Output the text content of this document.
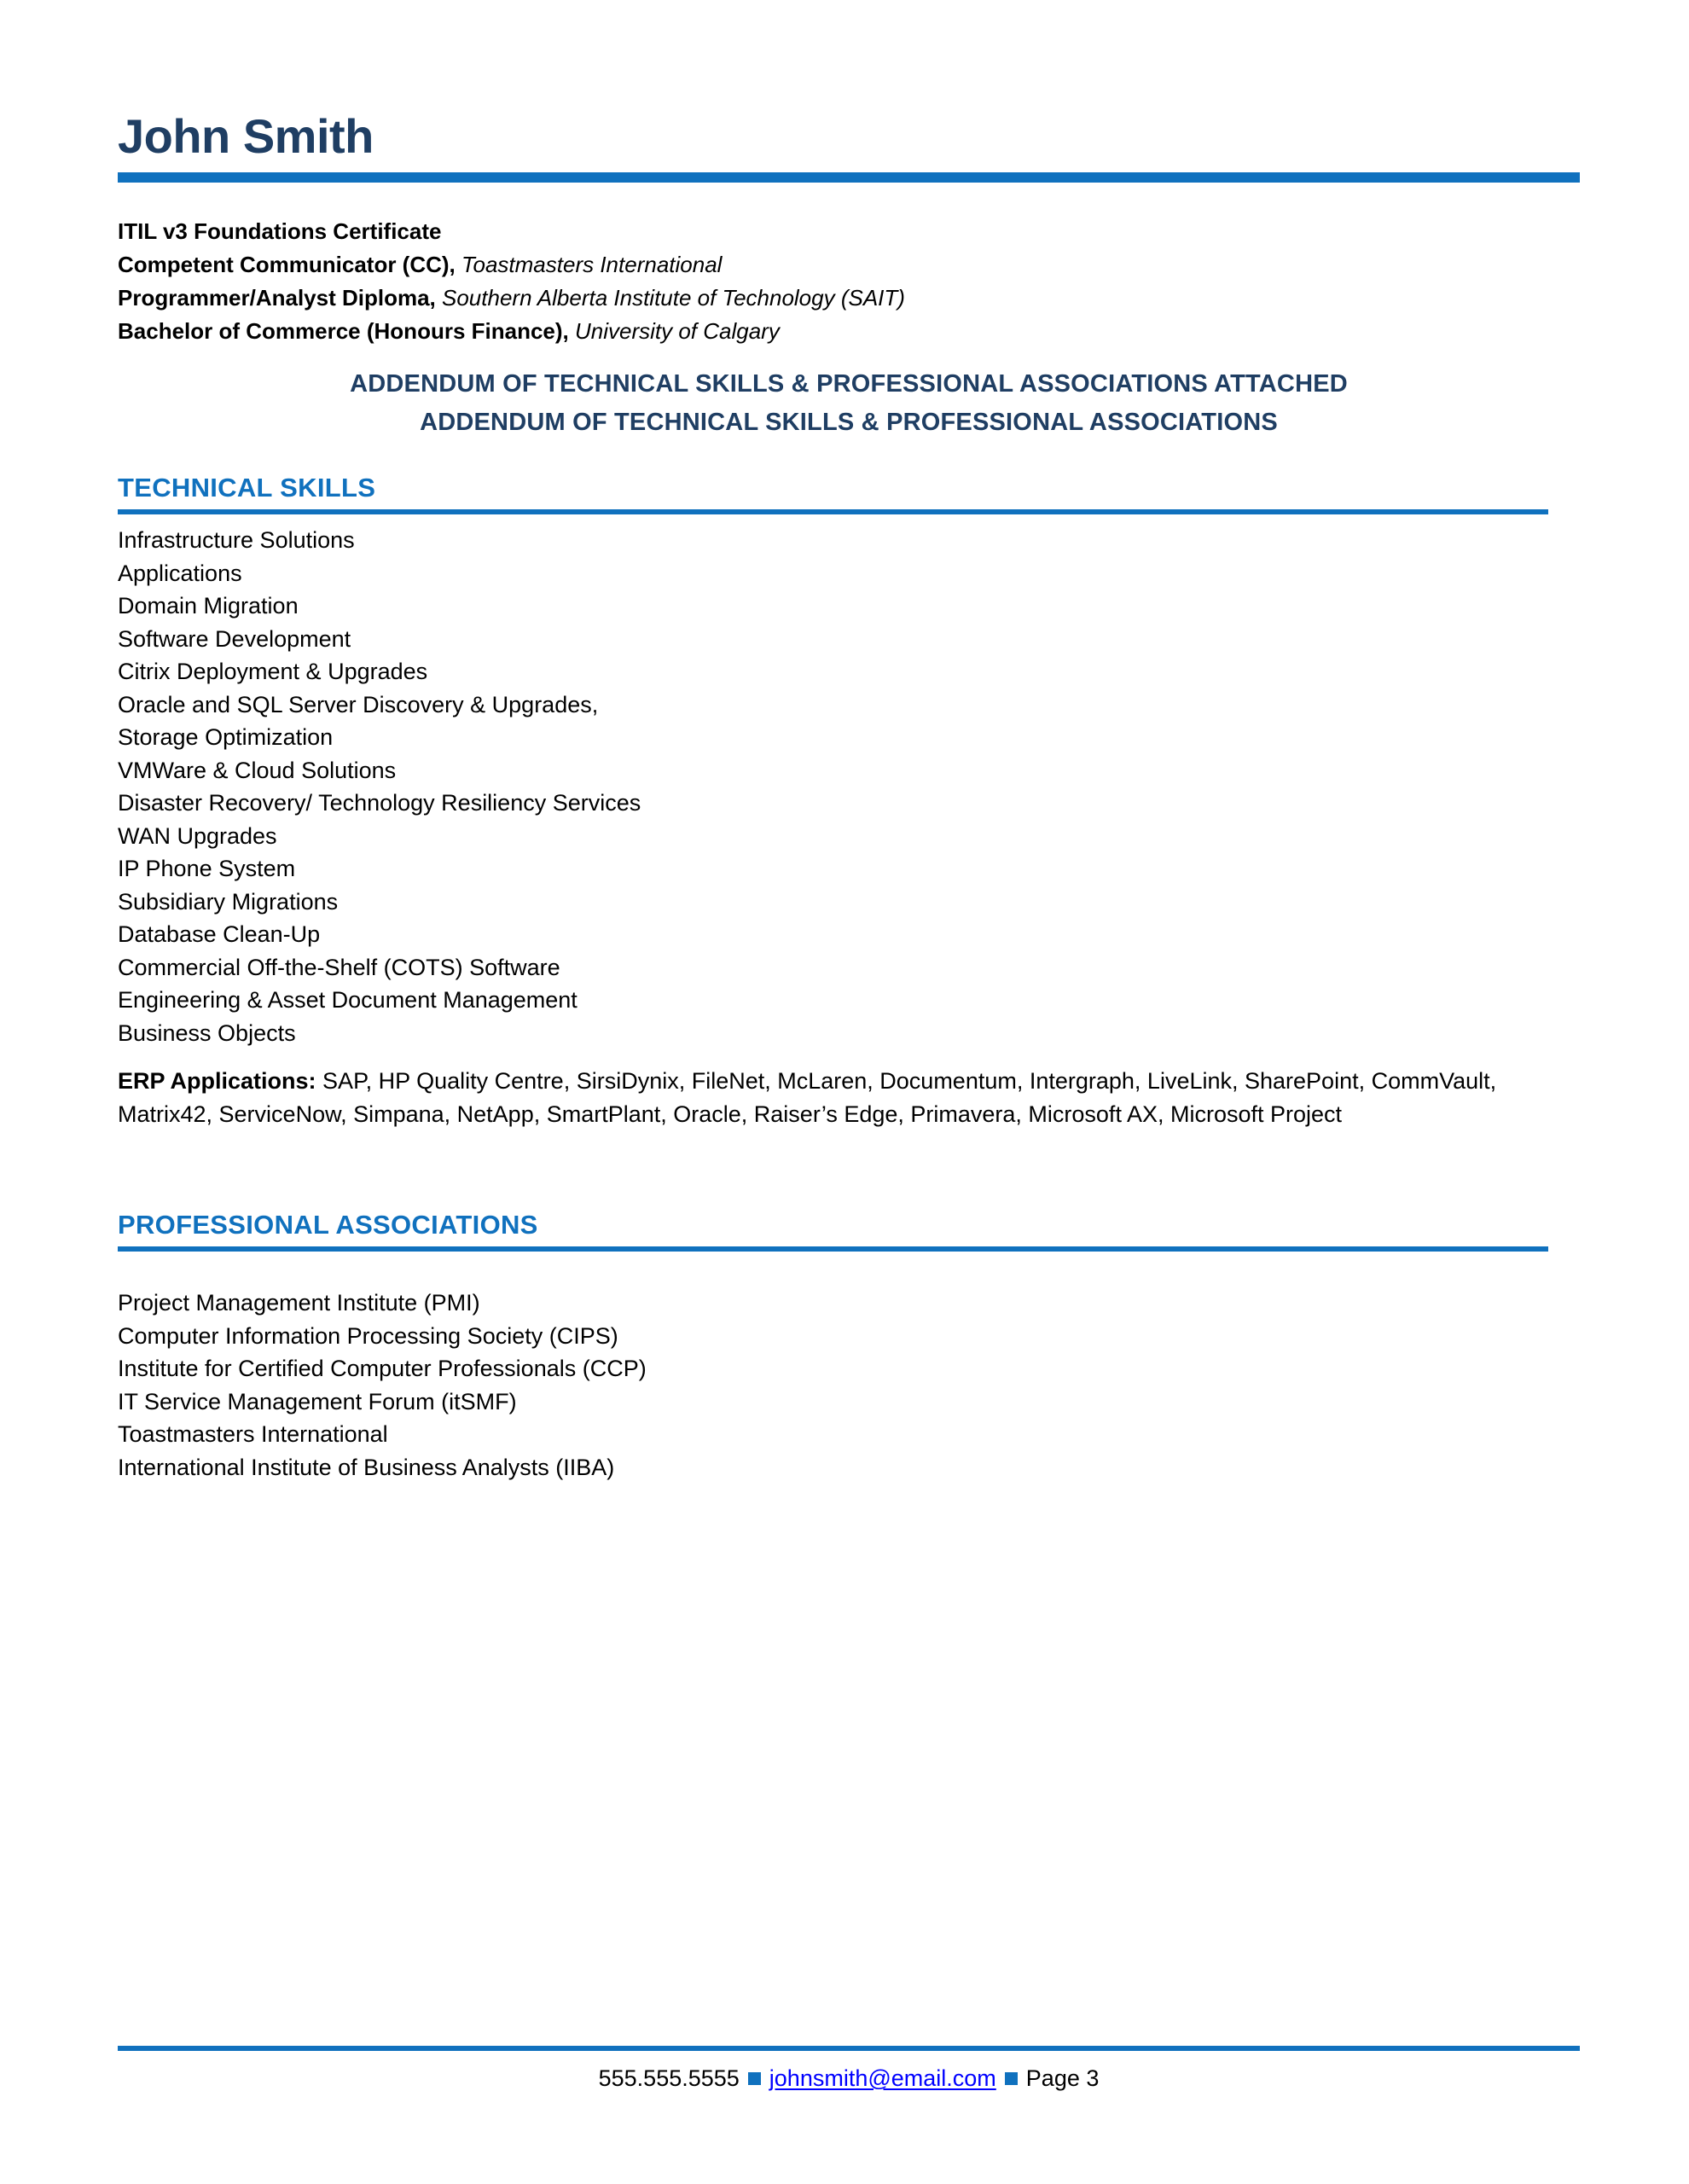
John Smith
ITIL v3 Foundations Certificate
Competent Communicator (CC), Toastmasters International
Programmer/Analyst Diploma, Southern Alberta Institute of Technology (SAIT)
Bachelor of Commerce (Honours Finance), University of Calgary
ADDENDUM OF TECHNICAL SKILLS & PROFESSIONAL ASSOCIATIONS ATTACHED
ADDENDUM OF TECHNICAL SKILLS & PROFESSIONAL ASSOCIATIONS
TECHNICAL SKILLS
Infrastructure Solutions
Applications
Domain Migration
Software Development
Citrix Deployment & Upgrades
Oracle and SQL Server Discovery & Upgrades,
Storage Optimization
VMWare & Cloud Solutions
Disaster Recovery/ Technology Resiliency Services
WAN Upgrades
IP Phone System
Subsidiary Migrations
Database Clean-Up
Commercial Off-the-Shelf (COTS) Software
Engineering & Asset Document Management
Business Objects
ERP Applications: SAP, HP Quality Centre, SirsiDynix, FileNet, McLaren, Documentum, Intergraph, LiveLink, SharePoint, CommVault, Matrix42, ServiceNow, Simpana, NetApp, SmartPlant, Oracle, Raiser’s Edge, Primavera, Microsoft AX, Microsoft Project
PROFESSIONAL ASSOCIATIONS
Project Management Institute (PMI)
Computer Information Processing Society (CIPS)
Institute for Certified Computer Professionals (CCP)
IT Service Management Forum (itSMF)
Toastmasters International
International Institute of Business Analysts (IIBA)
555.555.5555 johnsmith@email.com Page 3
